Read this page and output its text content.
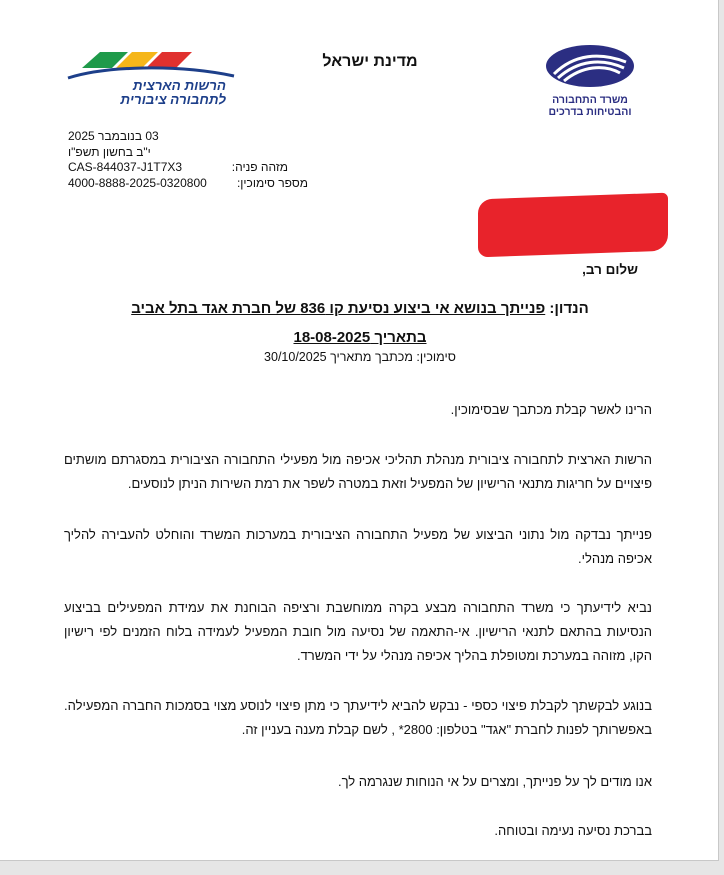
משרד התחבורה
והבטיחות בדרכים
מדינת ישראל
הרשות הארצית
לתחבורה ציבורית
03 בנובמבר 2025
י"ב בחשון תשפ"ו
CAS-844037-J1T7X3	מזהה פניה:
4000-8888-2025-0320800	מספר סימוכין:
שלום רב,
הנדון: פנייתך בנושא אי ביצוע נסיעת קו 836 של חברת אגד בתל אביב
בתאריך 18-08-2025
סימוכין: מכתבך מתאריך 30/10/2025

הרינו לאשר קבלת מכתבך שבסימוכין.

הרשות הארצית לתחבורה ציבורית מנהלת תהליכי אכיפה מול מפעילי התחבורה הציבורית במסגרתם מושתים פיצויים על חריגות מתנאי הרישיון של המפעיל וזאת במטרה לשפר את רמת השירות הניתן לנוסעים.

פנייתך נבדקה מול נתוני הביצוע של מפעיל התחבורה הציבורית במערכות המשרד והוחלט להעבירה להליך אכיפה מנהלי.

נביא לידיעתך כי משרד התחבורה מבצע בקרה ממוחשבת ורציפה הבוחנת את עמידת המפעילים בביצוע הנסיעות בהתאם לתנאי הרישיון. אי-התאמה של נסיעה מול חובת המפעיל לעמידה בלוח הזמנים לפי רישיון הקו, מזוהה במערכת ומטופלת בהליך אכיפה מנהלי על ידי המשרד.

בנוגע לבקשתך לקבלת פיצוי כספי - נבקש להביא לידיעתך כי מתן פיצוי לנוסע מצוי בסמכות החברה המפעילה. באפשרותך לפנות לחברת "אגד" בטלפון: 2800* , לשם קבלת מענה בעניין זה.

אנו מודים לך על פנייתך, ומצרים על אי הנוחות שנגרמה לך.

בברכת נסיעה נעימה ובטוחה.
